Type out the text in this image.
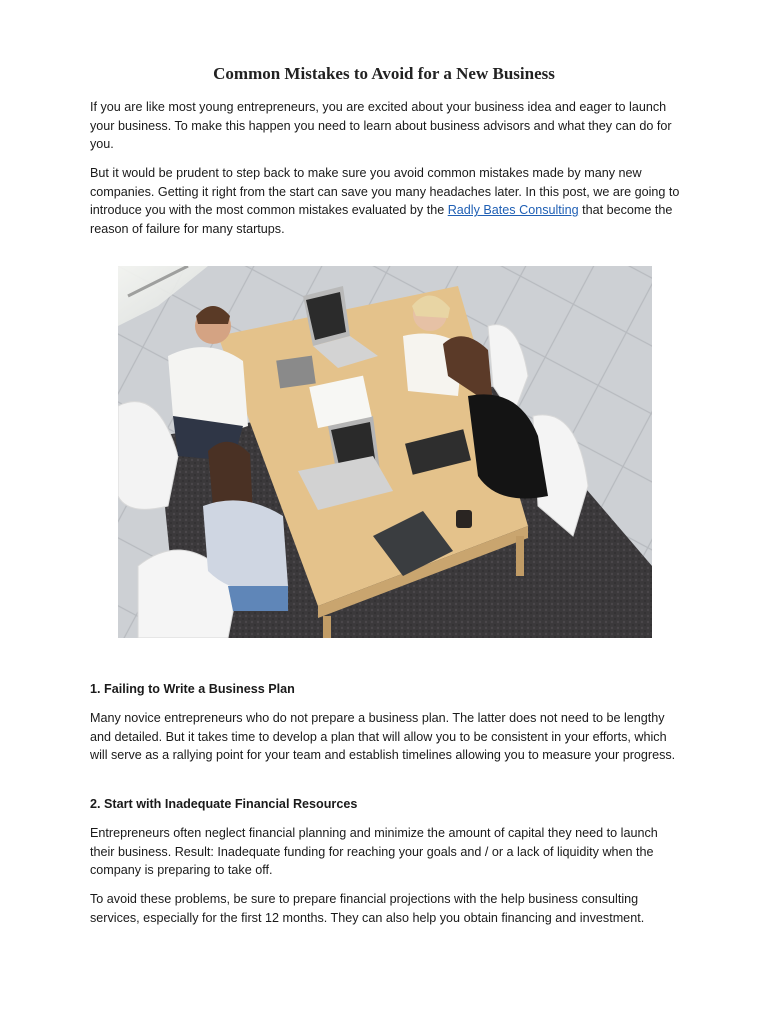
Common Mistakes to Avoid for a New Business

If you are like most young entrepreneurs, you are excited about your business idea and eager to launch your business. To make this happen you need to learn about business advisors and what they can do for you.

But it would be prudent to step back to make sure you avoid common mistakes made by many new companies. Getting it right from the start can save you many headaches later. In this post, we are going to introduce you with the most common mistakes evaluated by the Radly Bates Consulting that become the reason of failure for many startups.

1. Failing to Write a Business Plan

Many novice entrepreneurs who do not prepare a business plan. The latter does not need to be lengthy and detailed. But it takes time to develop a plan that will allow you to be consistent in your efforts, which will serve as a rallying point for your team and establish timelines allowing you to measure your progress.

2. Start with Inadequate Financial Resources

Entrepreneurs often neglect financial planning and minimize the amount of capital they need to launch their business. Result: Inadequate funding for reaching your goals and / or a lack of liquidity when the company is preparing to take off.

To avoid these problems, be sure to prepare financial projections with the help business consulting services, especially for the first 12 months. They can also help you obtain financing and investment.
